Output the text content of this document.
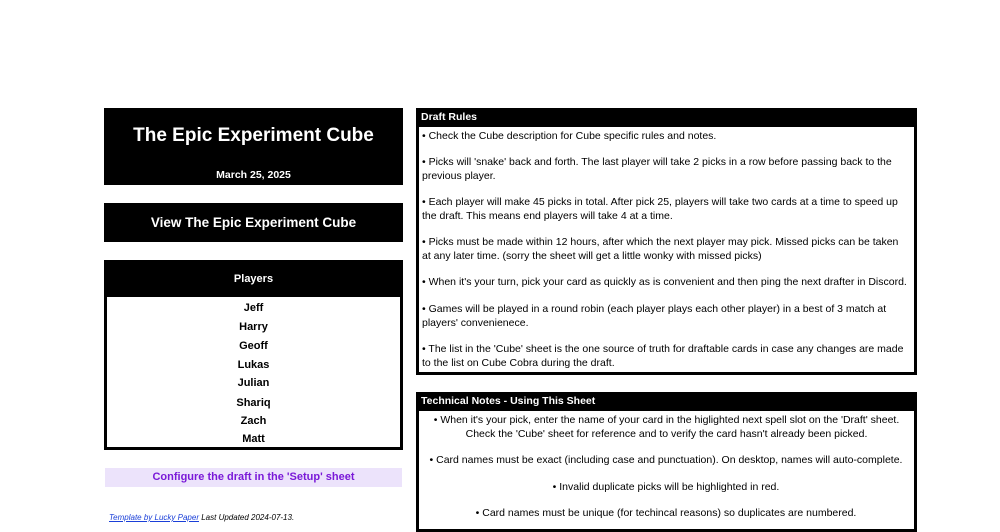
The Epic Experiment Cube
March 25, 2025
View The Epic Experiment Cube
Players
Jeff
Harry
Geoff
Lukas
Julian
Shariq
Zach
Matt
Configure the draft in the 'Setup' sheet
Template by Lucky Paper Last Updated 2024-07-13.
Draft Rules
• Check the Cube description for Cube specific rules and notes.
• Picks will 'snake' back and forth. The last player will take 2 picks in a row before passing back to the previous player.
• Each player will make 45 picks in total. After pick 25, players will take two cards at a time to speed up the draft. This means end players will take 4 at a time.
• Picks must be made within 12 hours, after which the next player may pick. Missed picks can be taken at any later time. (sorry the sheet will get a little wonky with missed picks)
• When it's your turn, pick your card as quickly as is convenient and then ping the next drafter in Discord.
• Games will be played in a round robin (each player plays each other player) in a best of 3 match at players' convenienece.
• The list in the 'Cube' sheet is the one source of truth for draftable cards in case any changes are made to the list on Cube Cobra during the draft.
Technical Notes - Using This Sheet
• When it's your pick, enter the name of your card in the higlighted next spell slot on the 'Draft' sheet. Check the 'Cube' sheet for reference and to verify the card hasn't already been picked.
• Card names must be exact (including case and punctuation). On desktop, names will auto-complete.
• Invalid duplicate picks will be highlighted in red.
• Card names must be unique (for techincal reasons) so duplicates are numbered.
